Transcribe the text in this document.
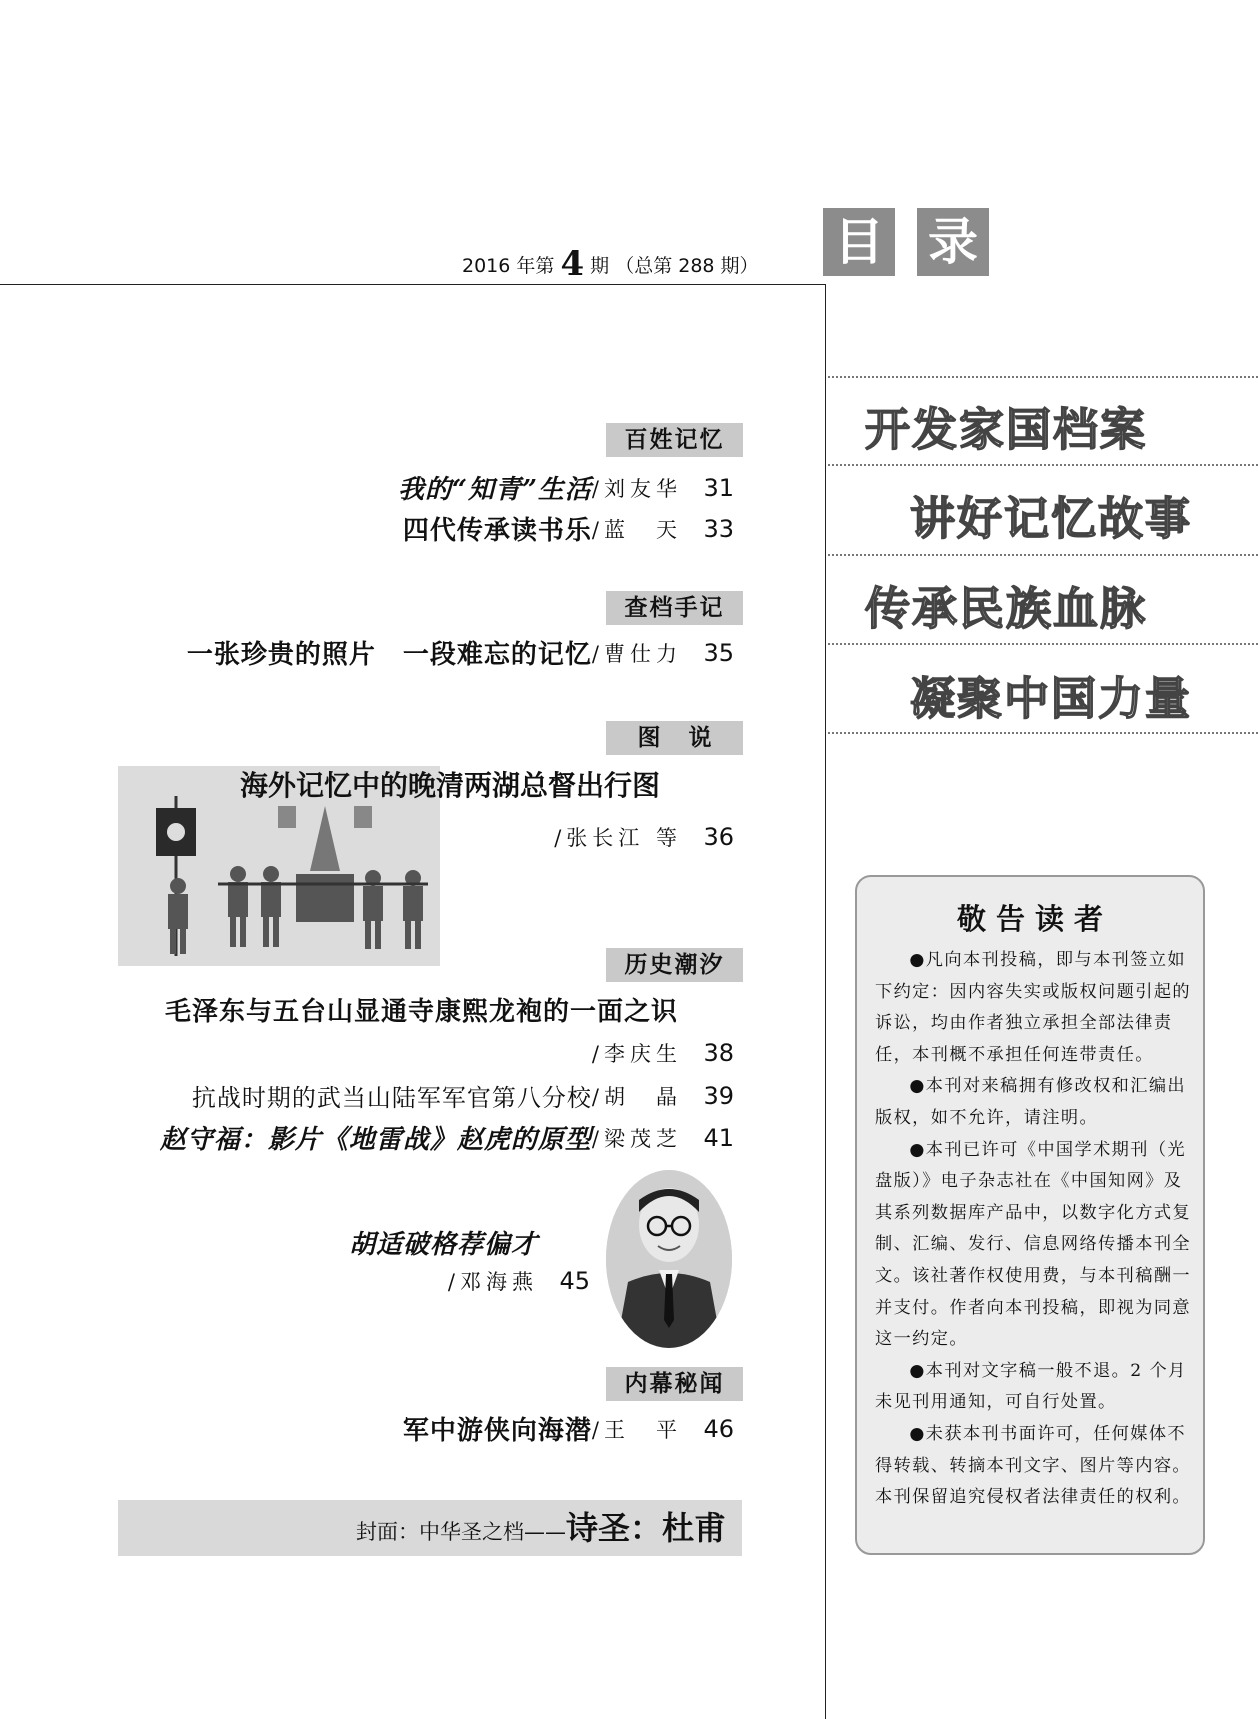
2016 年第 4 期 （总第 288 期） 目 录
百姓记忆
我的“知青”生活/刘友华 31
四代传承读书乐/蓝　天 33
查档手记
一张珍贵的照片　一段难忘的记忆/曹仕力 35
图说
海外记忆中的晚清两湖总督出行图
/张长江 等 36
历史潮汐
毛泽东与五台山显通寺康熙龙袍的一面之识
/李庆生 38
抗战时期的武当山陆军军官第八分校/胡　晶 39
赵守福：影片《地雷战》赵虎的原型/梁茂芝 41
胡适破格荐偏才
/邓海燕 45
内幕秘闻
军中游侠向海潜/王　平 46
封面：中华圣之档——诗圣：杜甫
开发家国档案
讲好记忆故事
传承民族血脉
凝聚中国力量
敬告读者

●凡向本刊投稿，即与本刊签立如下约定：因内容失实或版权问题引起的诉讼，均由作者独立承担全部法律责任，本刊概不承担任何连带责任。

●本刊对来稿拥有修改权和汇编出版权，如不允许，请注明。

●本刊已许可《中国学术期刊（光盘版）》电子杂志社在《中国知网》及其系列数据库产品中，以数字化方式复制、汇编、发行、信息网络传播本刊全文。该社著作权使用费，与本刊稿酬一并支付。作者向本刊投稿，即视为同意这一约定。

●本刊对文字稿一般不退。2 个月未见刊用通知，可自行处置。

●未获本刊书面许可，任何媒体不得转载、转摘本刊文字、图片等内容。本刊保留追究侵权者法律责任的权利。
